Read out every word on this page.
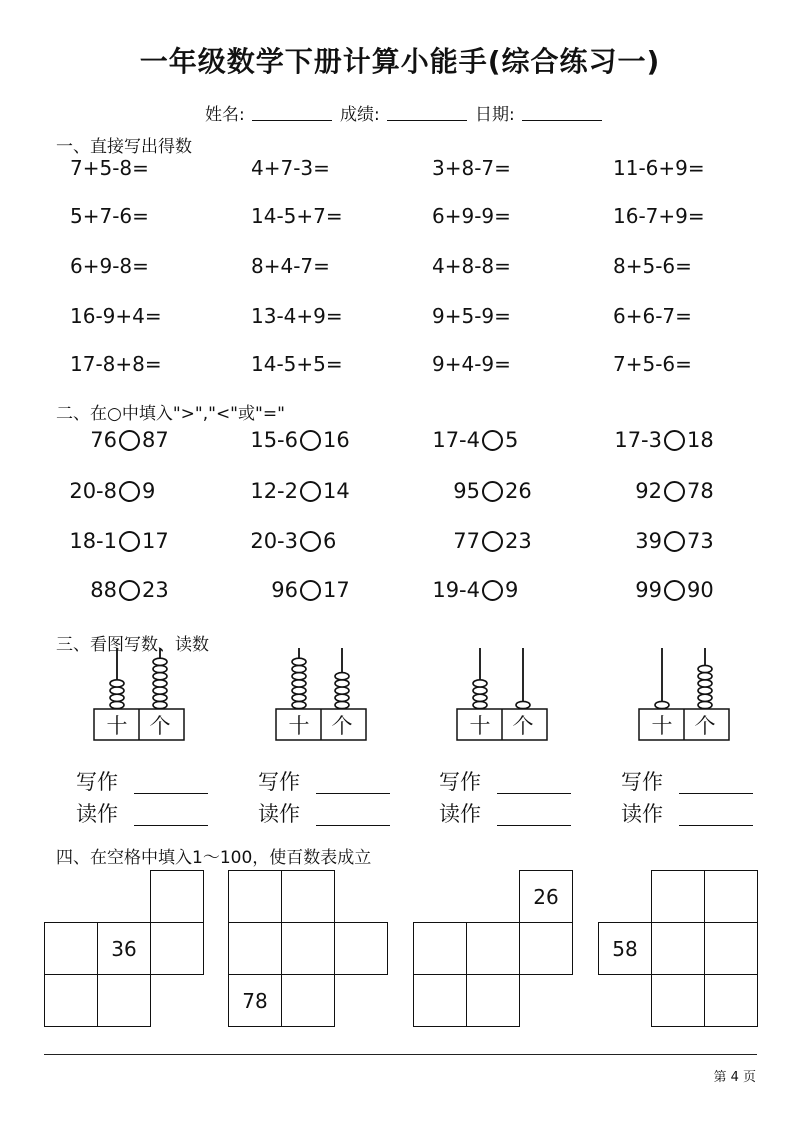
一年级数学下册计算小能手(综合练习一)
姓名:	成绩:	日期:
一、直接写出得数
7+5-8=	4+7-3=	3+8-7=	11-6+9=
5+7-6=	14-5+7=	6+9-9=	16-7+9=
6+9-8=	8+4-7=	4+8-8=	8+5-6=
16-9+4=	13-4+9=	9+5-9=	6+6-7=
17-8+8=	14-5+5=	9+4-9=	7+5-6=
二、在○中填入">","<"或"="
76 87	15-6 16	17-4 5	17-3 18
20-8 9	12-2 14	95 26	92 78
18-1 17	20-3 6	77 23	39 73
88 23	96 17	19-4 9	99 90
三、看图写数、读数
十 个
写作
读作
十 个
写作
读作
十 个
写作
读作
十 个
写作
读作
四、在空格中填入1～100，使百数表成立
36
78
26
58
第 4 页
